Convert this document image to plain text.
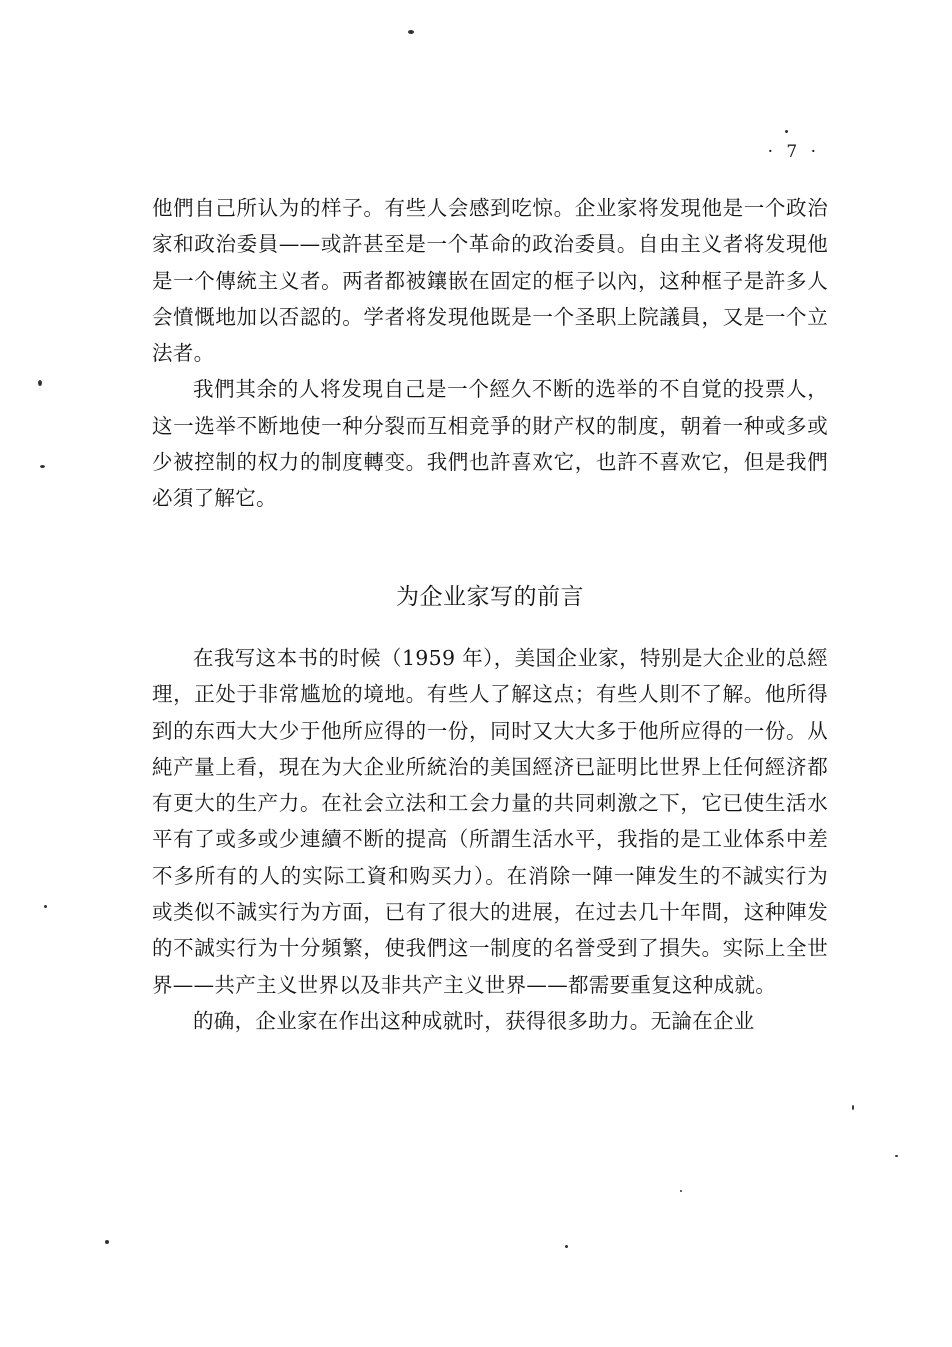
· 7 ·

他們自己所认为的样子。有些人会感到吃惊。企业家将发現他是一个政治家和政治委員——或許甚至是一个革命的政治委員。自由主义者将发現他是一个傳統主义者。两者都被鑲嵌在固定的框子以內，这种框子是許多人会憤慨地加以否認的。学者将发現他既是一个圣职上院議員，又是一个立法者。

我們其余的人将发現自己是一个經久不断的选举的不自覚的投票人，这一选举不断地使一种分裂而互相竞爭的財产权的制度，朝着一种或多或少被控制的权力的制度轉变。我們也許喜欢它，也許不喜欢它，但是我們必須了解它。

为企业家写的前言

在我写这本书的时候（1959 年），美国企业家，特别是大企业的总經理，正处于非常尴尬的境地。有些人了解这点；有些人則不了解。他所得到的东西大大少于他所应得的一份，同时又大大多于他所应得的一份。从純产量上看，現在为大企业所統治的美国經济已証明比世界上任何經济都有更大的生产力。在社会立法和工会力量的共同刺激之下，它已使生活水平有了或多或少連續不断的提高（所謂生活水平，我指的是工业体系中差不多所有的人的实际工資和购买力）。在消除一陣一陣发生的不誠实行为或类似不誠实行为方面，已有了很大的进展，在过去几十年間，这种陣发的不誠实行为十分頻繁，使我們这一制度的名誉受到了損失。实际上全世界——共产主义世界以及非共产主义世界——都需要重复这种成就。

的确，企业家在作出这种成就时，获得很多助力。无論在企业
